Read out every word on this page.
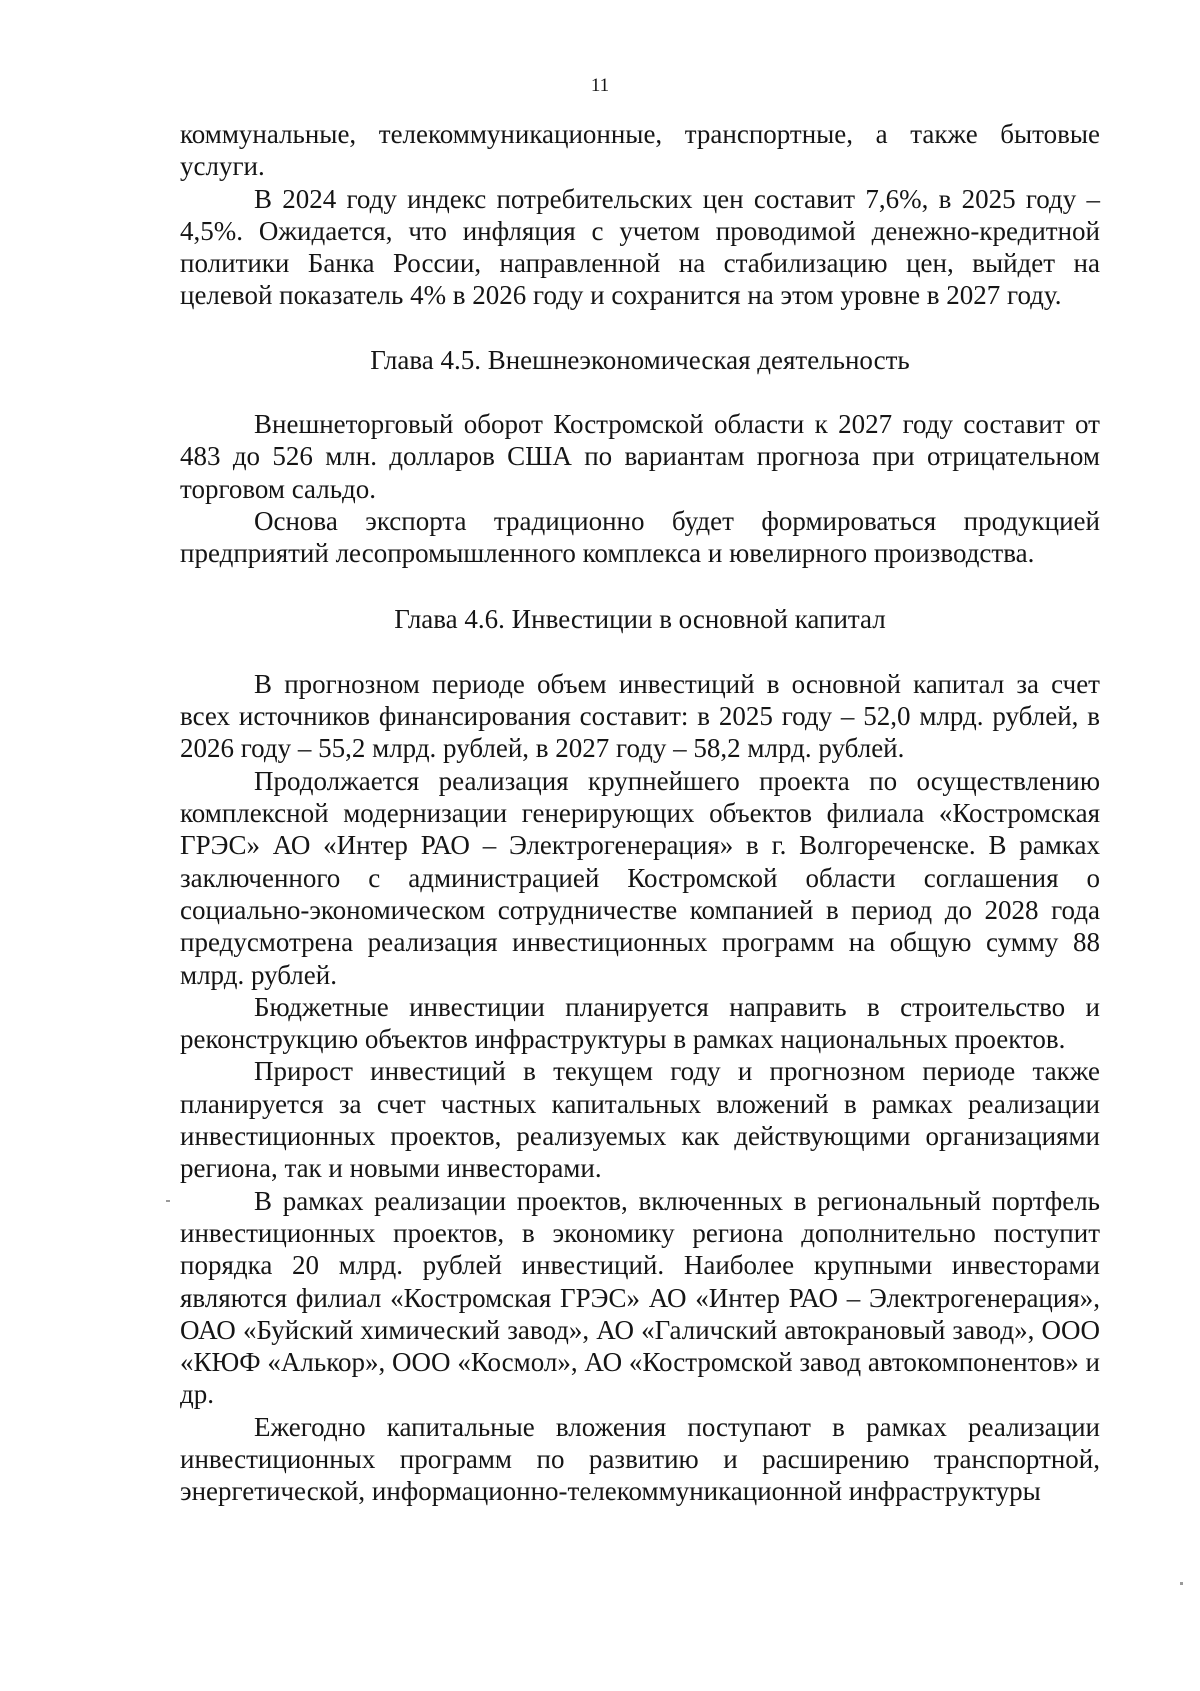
11

коммунальные, телекоммуникационные, транспортные, а также бытовые услуги.

В 2024 году индекс потребительских цен составит 7,6%, в 2025 году – 4,5%. Ожидается, что инфляция с учетом проводимой денежно-кредитной политики Банка России, направленной на стабилизацию цен, выйдет на целевой показатель 4% в 2026 году и сохранится на этом уровне в 2027 году.

Глава 4.5. Внешнеэкономическая деятельность

Внешнеторговый оборот Костромской области к 2027 году составит от 483 до 526 млн. долларов США по вариантам прогноза при отрицательном торговом сальдо.

Основа экспорта традиционно будет формироваться продукцией предприятий лесопромышленного комплекса и ювелирного производства.

Глава 4.6. Инвестиции в основной капитал

В прогнозном периоде объем инвестиций в основной капитал за счет всех источников финансирования составит: в 2025 году – 52,0 млрд. рублей, в 2026 году – 55,2 млрд. рублей, в 2027 году – 58,2 млрд. рублей.

Продолжается реализация крупнейшего проекта по осуществлению комплексной модернизации генерирующих объектов филиала «Костромская ГРЭС» АО «Интер РАО – Электрогенерация» в г. Волгореченске. В рамках заключенного с администрацией Костромской области соглашения о социально-экономическом сотрудничестве компанией в период до 2028 года предусмотрена реализация инвестиционных программ на общую сумму 88 млрд. рублей.

Бюджетные инвестиции планируется направить в строительство и реконструкцию объектов инфраструктуры в рамках национальных проектов.

Прирост инвестиций в текущем году и прогнозном периоде также планируется за счет частных капитальных вложений в рамках реализации инвестиционных проектов, реализуемых как действующими организациями региона, так и новыми инвесторами.

В рамках реализации проектов, включенных в региональный портфель инвестиционных проектов, в экономику региона дополнительно поступит порядка 20 млрд. рублей инвестиций. Наиболее крупными инвесторами являются филиал «Костромская ГРЭС» АО «Интер РАО – Электрогенерация», ОАО «Буйский химический завод», АО «Галичский автокрановый завод», ООО «КЮФ «Алькор», ООО «Космол», АО «Костромской завод автокомпонентов» и др.

Ежегодно капитальные вложения поступают в рамках реализации инвестиционных программ по развитию и расширению транспортной, энергетической, информационно-телекоммуникационной инфраструктуры
